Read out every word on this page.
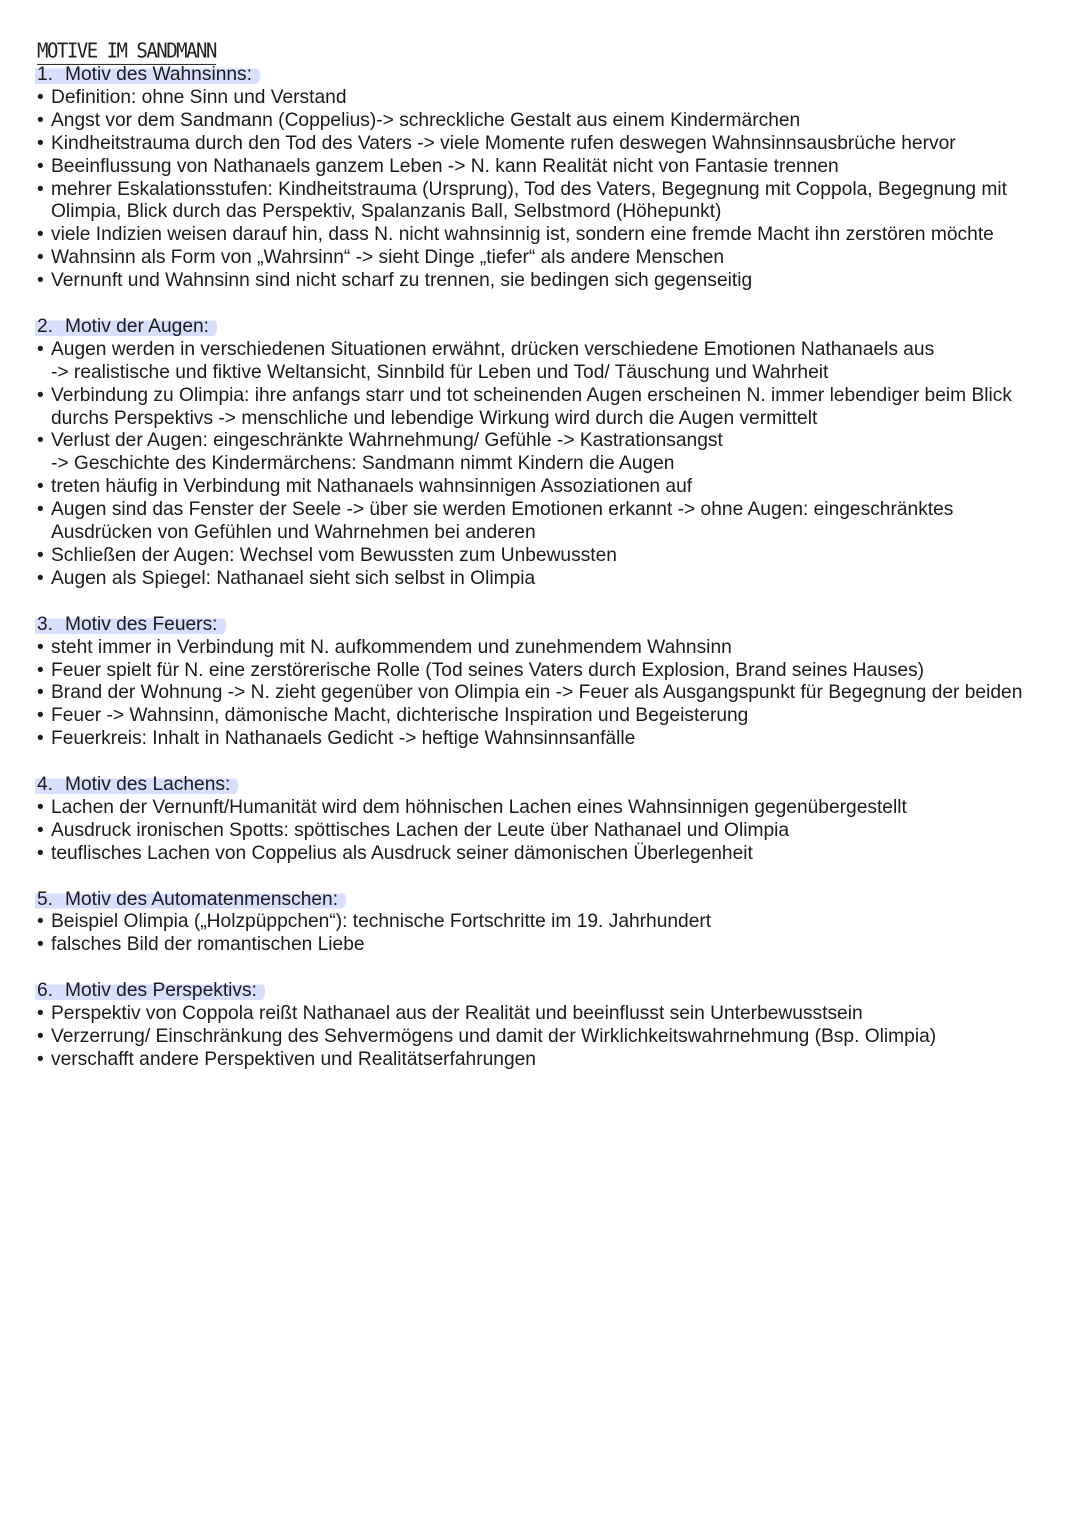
MOTIVE IM SANDMANN
1. Motiv des Wahnsinns:
• Definition: ohne Sinn und Verstand
• Angst vor dem Sandmann (Coppelius)-> schreckliche Gestalt aus einem Kindermärchen
• Kindheitstrauma durch den Tod des Vaters -> viele Momente rufen deswegen Wahnsinnsausbrüche hervor
• Beeinflussung von Nathanaels ganzem Leben -> N. kann Realität nicht von Fantasie trennen
• mehrer Eskalationsstufen: Kindheitstrauma (Ursprung), Tod des Vaters, Begegnung mit Coppola, Begegnung mit
Olimpia, Blick durch das Perspektiv, Spalanzanis Ball, Selbstmord (Höhepunkt)
• viele Indizien weisen darauf hin, dass N. nicht wahnsinnig ist, sondern eine fremde Macht ihn zerstören möchte
• Wahnsinn als Form von „Wahrsinn“ -> sieht Dinge „tiefer“ als andere Menschen
• Vernunft und Wahnsinn sind nicht scharf zu trennen, sie bedingen sich gegenseitig
2. Motiv der Augen:
• Augen werden in verschiedenen Situationen erwähnt, drücken verschiedene Emotionen Nathanaels aus
-> realistische und fiktive Weltansicht, Sinnbild für Leben und Tod/ Täuschung und Wahrheit
• Verbindung zu Olimpia: ihre anfangs starr und tot scheinenden Augen erscheinen N. immer lebendiger beim Blick
durchs Perspektivs -> menschliche und lebendige Wirkung wird durch die Augen vermittelt
• Verlust der Augen: eingeschränkte Wahrnehmung/ Gefühle -> Kastrationsangst
-> Geschichte des Kindermärchens: Sandmann nimmt Kindern die Augen
• treten häufig in Verbindung mit Nathanaels wahnsinnigen Assoziationen auf
• Augen sind das Fenster der Seele -> über sie werden Emotionen erkannt -> ohne Augen: eingeschränktes
Ausdrücken von Gefühlen und Wahrnehmen bei anderen
• Schließen der Augen: Wechsel vom Bewussten zum Unbewussten
• Augen als Spiegel: Nathanael sieht sich selbst in Olimpia
3. Motiv des Feuers:
• steht immer in Verbindung mit N. aufkommendem und zunehmendem Wahnsinn
• Feuer spielt für N. eine zerstörerische Rolle (Tod seines Vaters durch Explosion, Brand seines Hauses)
• Brand der Wohnung -> N. zieht gegenüber von Olimpia ein -> Feuer als Ausgangspunkt für Begegnung der beiden
• Feuer -> Wahnsinn, dämonische Macht, dichterische Inspiration und Begeisterung
• Feuerkreis: Inhalt in Nathanaels Gedicht -> heftige Wahnsinnsanfälle
4. Motiv des Lachens:
• Lachen der Vernunft/Humanität wird dem höhnischen Lachen eines Wahnsinnigen gegenübergestellt
• Ausdruck ironischen Spotts: spöttisches Lachen der Leute über Nathanael und Olimpia
• teuflisches Lachen von Coppelius als Ausdruck seiner dämonischen Überlegenheit
5. Motiv des Automatenmenschen:
• Beispiel Olimpia („Holzpüppchen“): technische Fortschritte im 19. Jahrhundert
• falsches Bild der romantischen Liebe
6. Motiv des Perspektivs:
• Perspektiv von Coppola reißt Nathanael aus der Realität und beeinflusst sein Unterbewusstsein
• Verzerrung/ Einschränkung des Sehvermögens und damit der Wirklichkeitswahrnehmung (Bsp. Olimpia)
• verschafft andere Perspektiven und Realitätserfahrungen
